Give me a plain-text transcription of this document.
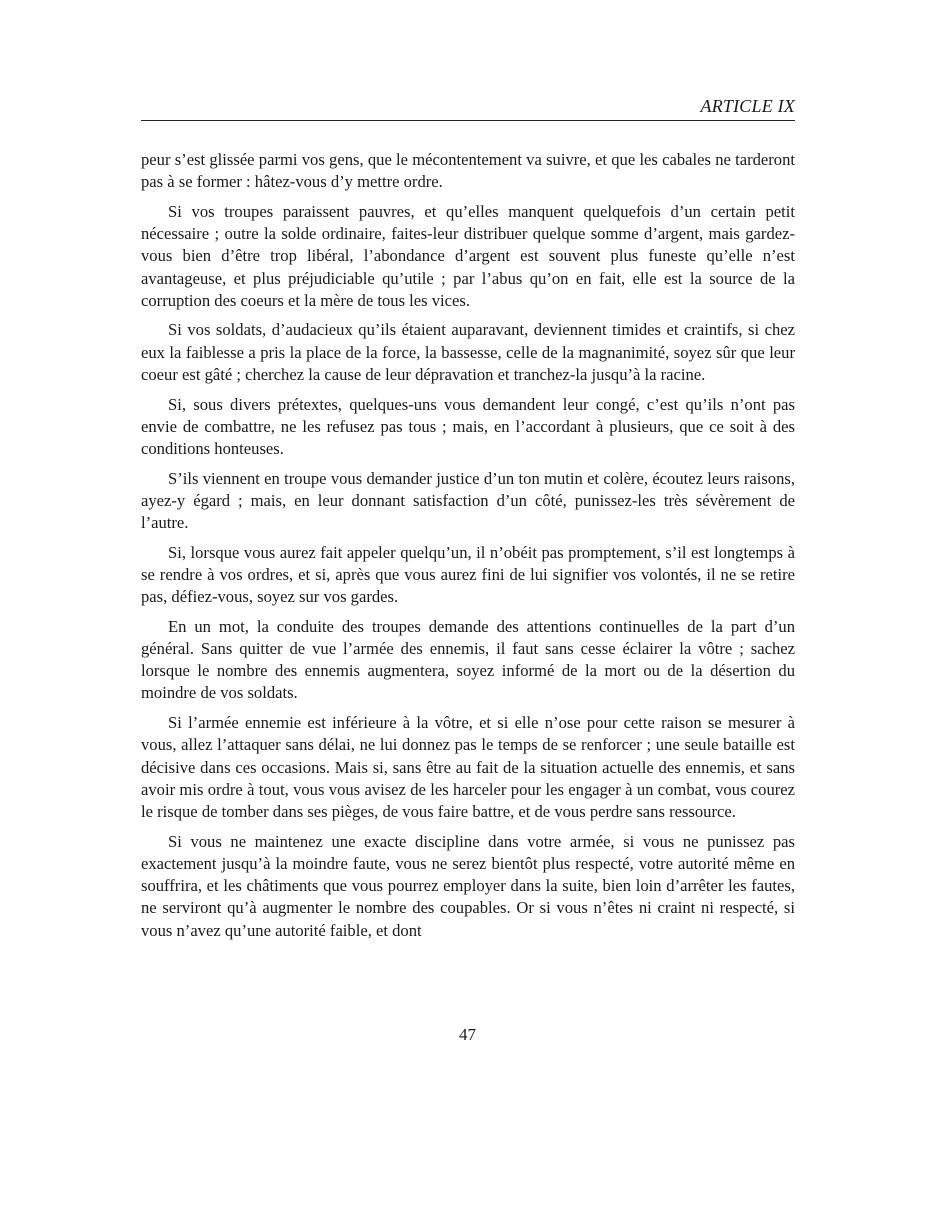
ARTICLE IX

peur s’est glissée parmi vos gens, que le mécontentement va suivre, et que les cabales ne tarderont pas à se former : hâtez-vous d’y mettre ordre.

Si vos troupes paraissent pauvres, et qu’elles manquent quelquefois d’un certain petit nécessaire ; outre la solde ordinaire, faites-leur distribuer quelque somme d’argent, mais gardez-vous bien d’être trop libéral, l’abondance d’argent est souvent plus funeste qu’elle n’est avantageuse, et plus préjudiciable qu’utile ; par l’abus qu’on en fait, elle est la source de la corruption des coeurs et la mère de tous les vices.

Si vos soldats, d’audacieux qu’ils étaient auparavant, deviennent timides et craintifs, si chez eux la faiblesse a pris la place de la force, la bassesse, celle de la magnanimité, soyez sûr que leur coeur est gâté ; cherchez la cause de leur dépravation et tranchez-la jusqu’à la racine.

Si, sous divers prétextes, quelques-uns vous demandent leur congé, c’est qu’ils n’ont pas envie de combattre, ne les refusez pas tous ; mais, en l’accordant à plusieurs, que ce soit à des conditions honteuses.

S’ils viennent en troupe vous demander justice d’un ton mutin et colère, écoutez leurs raisons, ayez-y égard ; mais, en leur donnant satisfaction d’un côté, punissez-les très sévèrement de l’autre.

Si, lorsque vous aurez fait appeler quelqu’un, il n’obéit pas promptement, s’il est longtemps à se rendre à vos ordres, et si, après que vous aurez fini de lui signifier vos volontés, il ne se retire pas, défiez-vous, soyez sur vos gardes.

En un mot, la conduite des troupes demande des attentions continuelles de la part d’un général. Sans quitter de vue l’armée des ennemis, il faut sans cesse éclairer la vôtre ; sachez lorsque le nombre des ennemis augmentera, soyez informé de la mort ou de la désertion du moindre de vos soldats.

Si l’armée ennemie est inférieure à la vôtre, et si elle n’ose pour cette raison se mesurer à vous, allez l’attaquer sans délai, ne lui donnez pas le temps de se renforcer ; une seule bataille est décisive dans ces occasions. Mais si, sans être au fait de la situation actuelle des ennemis, et sans avoir mis ordre à tout, vous vous avisez de les harceler pour les engager à un combat, vous courez le risque de tomber dans ses pièges, de vous faire battre, et de vous perdre sans ressource.

Si vous ne maintenez une exacte discipline dans votre armée, si vous ne punissez pas exactement jusqu’à la moindre faute, vous ne serez bientôt plus respecté, votre autorité même en souffrira, et les châtiments que vous pourrez employer dans la suite, bien loin d’arrêter les fautes, ne serviront qu’à augmenter le nombre des coupables. Or si vous n’êtes ni craint ni respecté, si vous n’avez qu’une autorité faible, et dont

47
